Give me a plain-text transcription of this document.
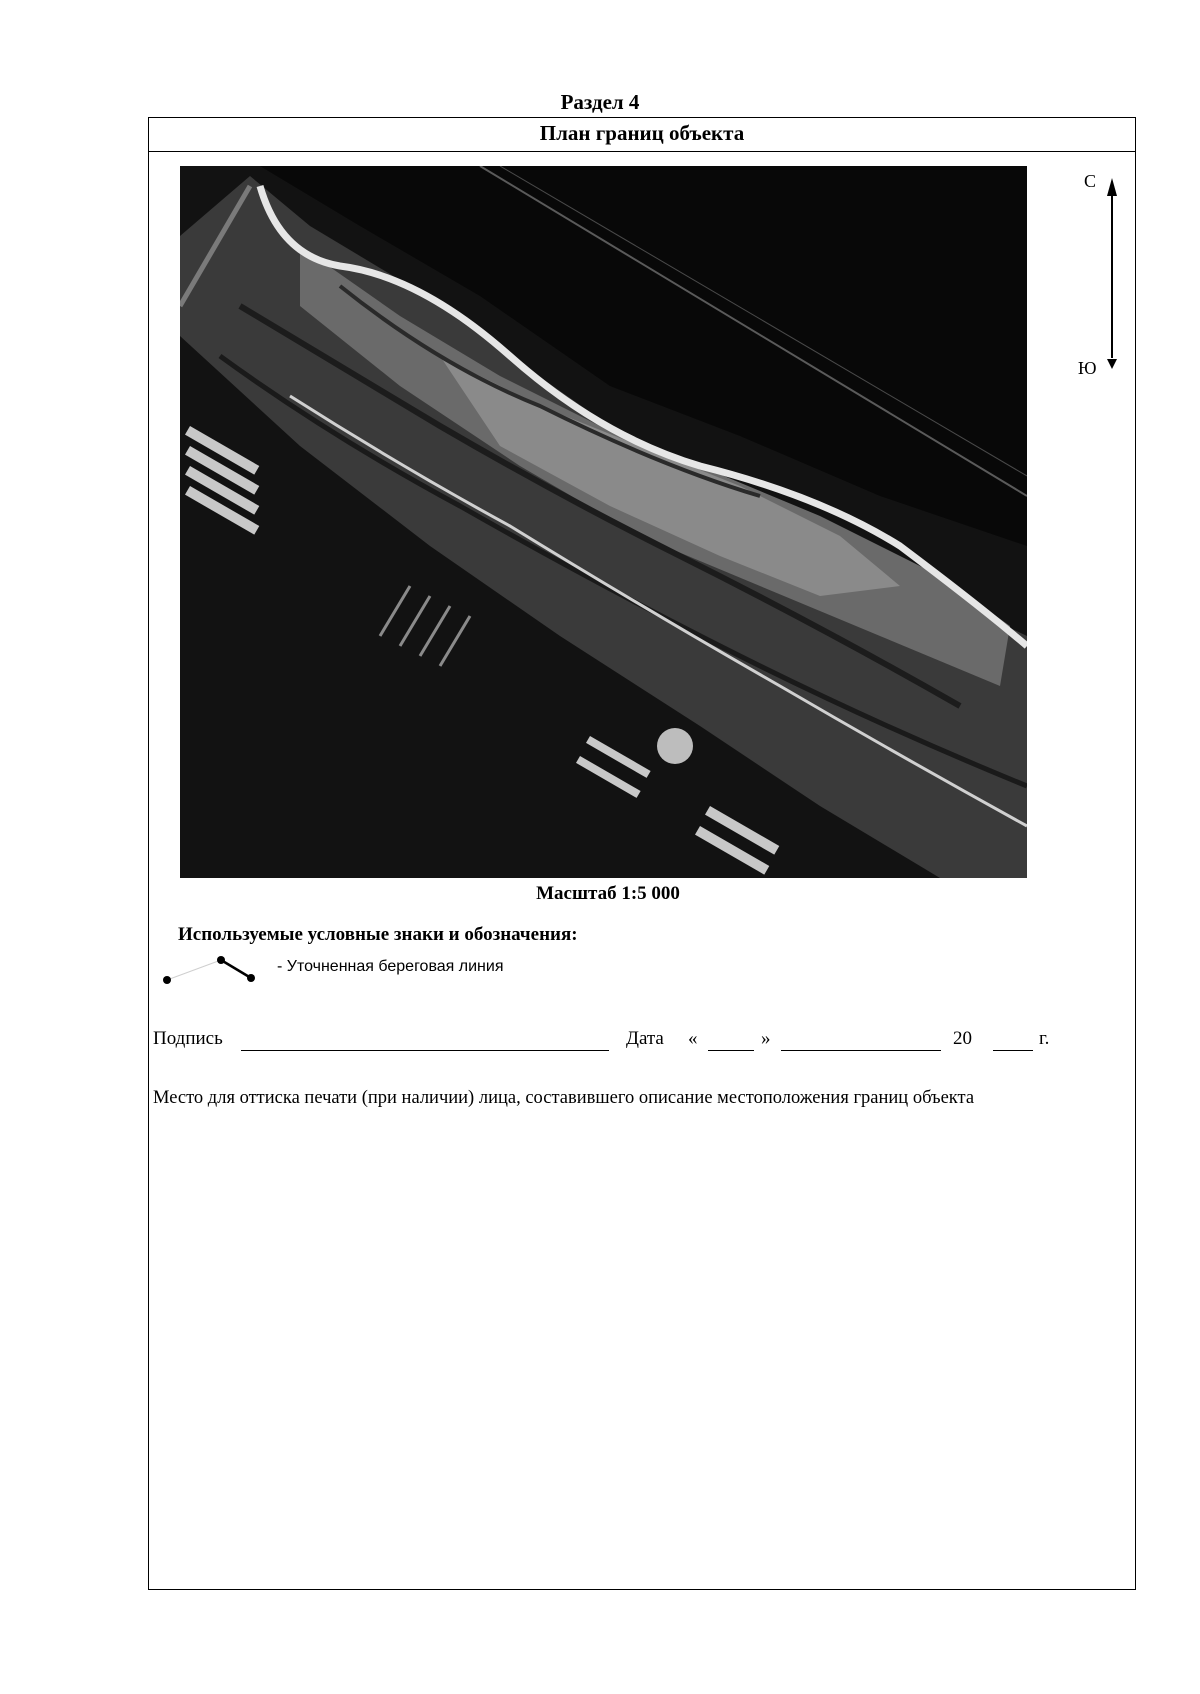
Раздел 4
План границ объекта
С
Ю
Масштаб 1:5 000
Используемые условные знаки и обозначения:
- Уточненная береговая линия
Подпись	Дата «	»	20	г.
Место для оттиска печати (при наличии) лица, составившего описание местоположения границ объекта
